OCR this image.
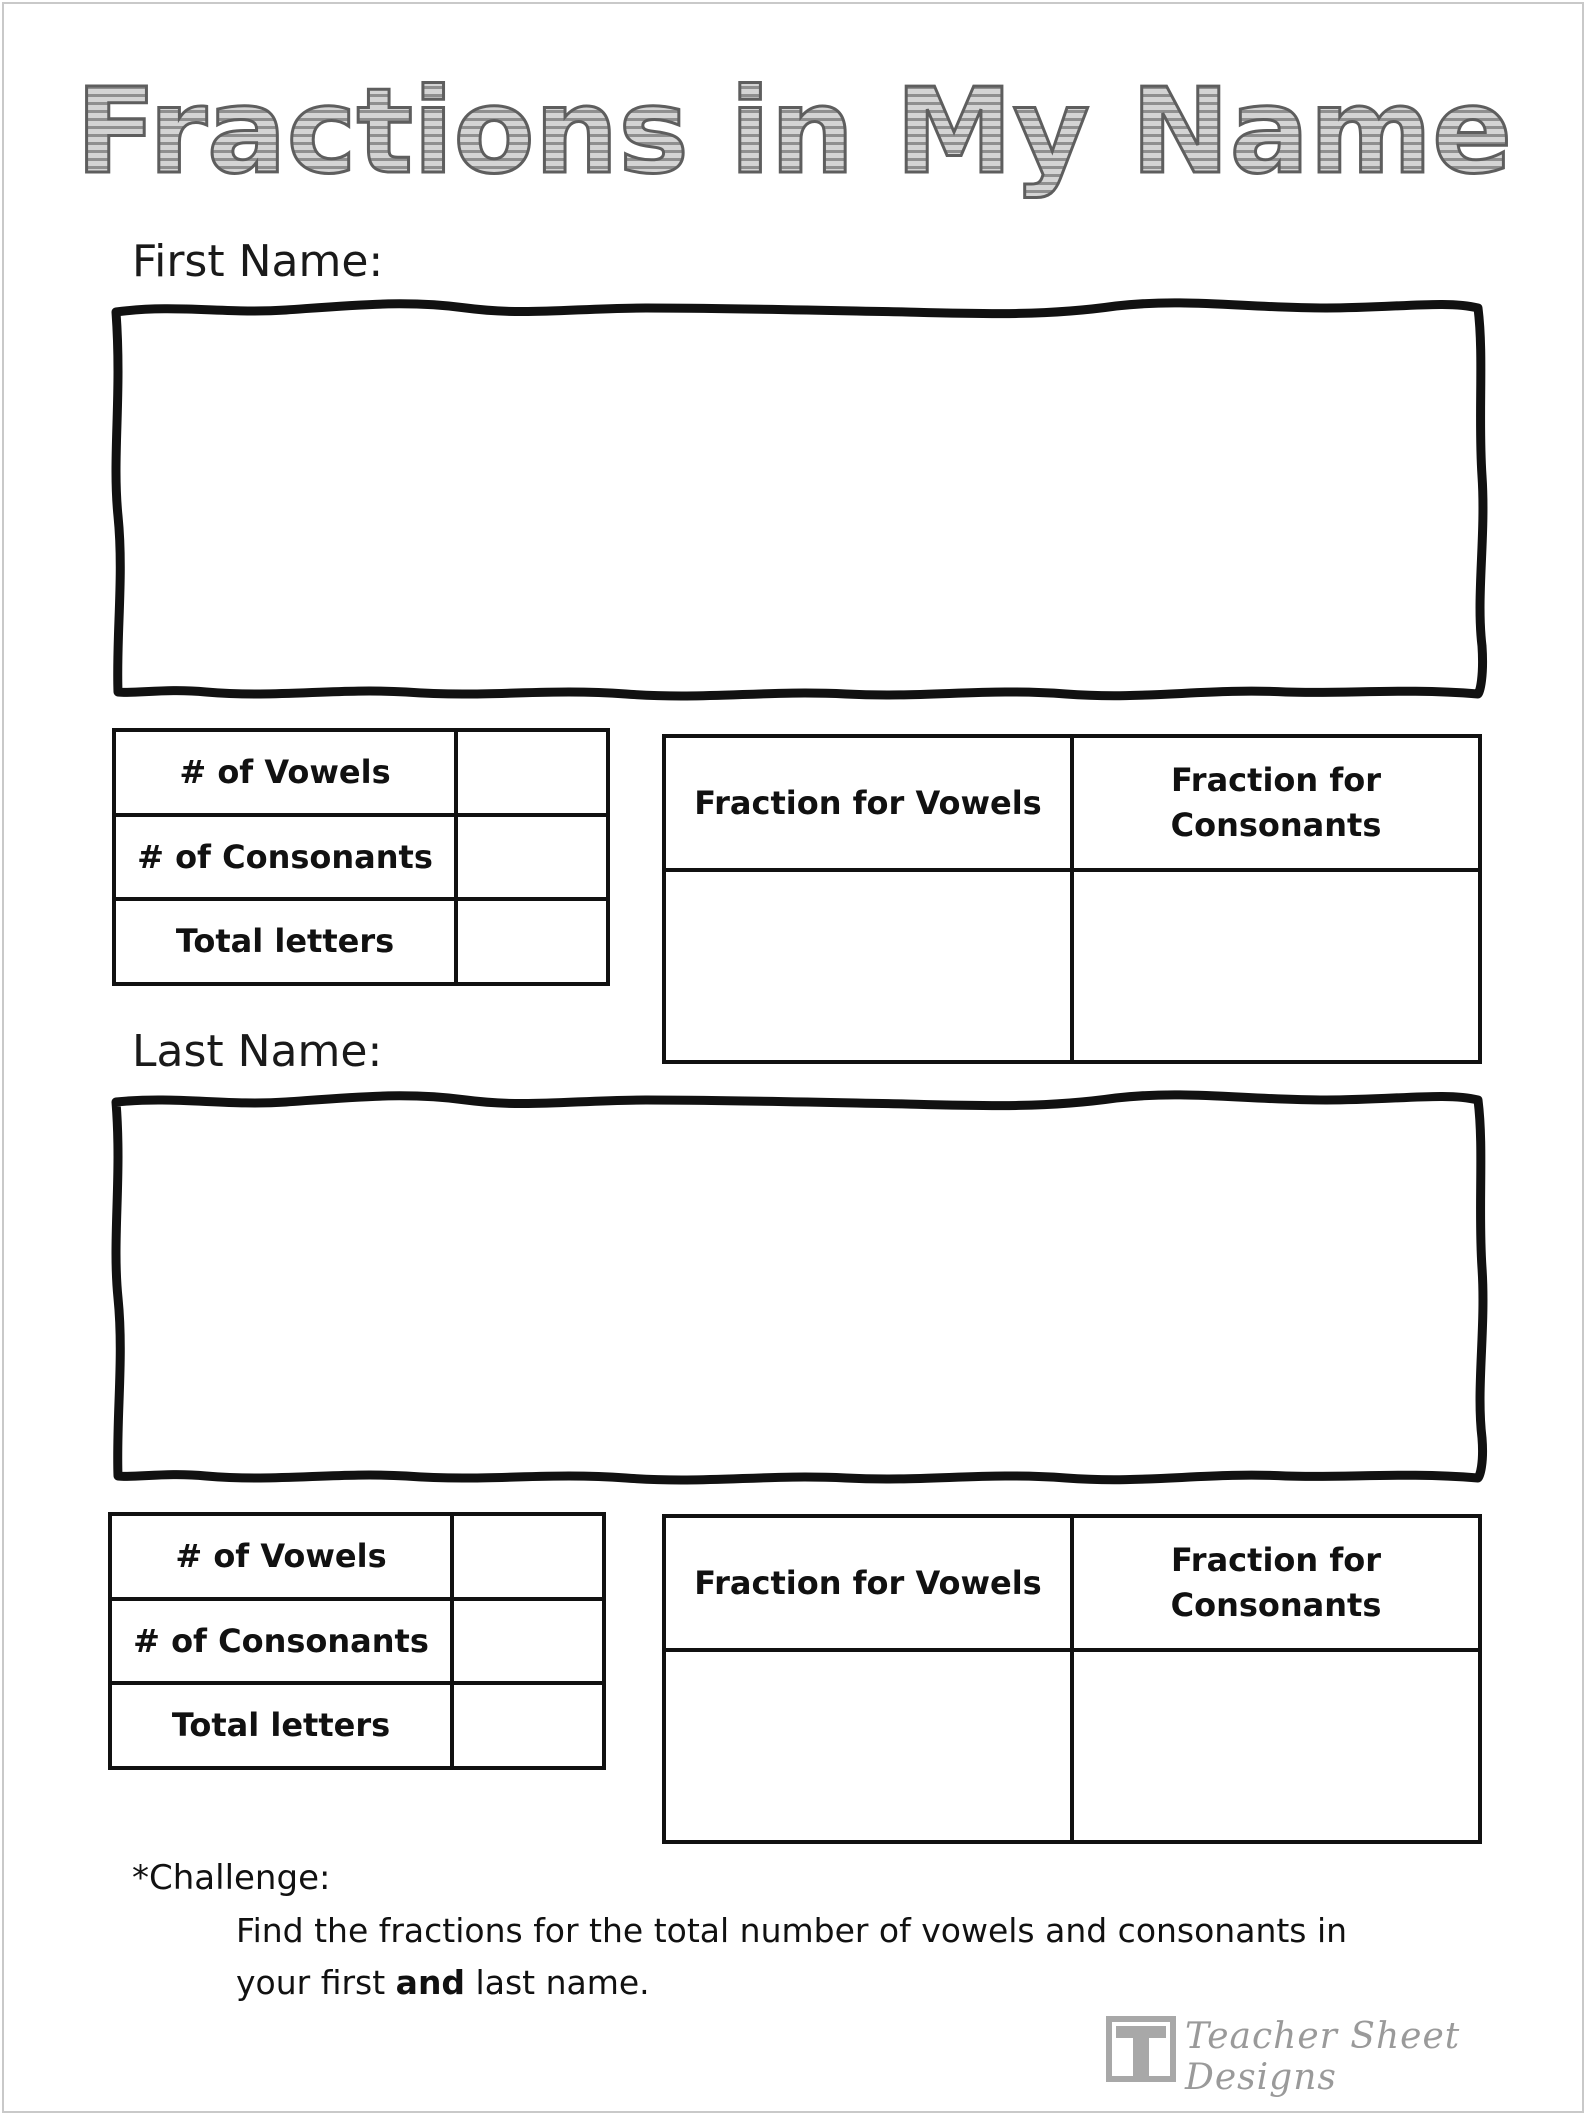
Fractions in My Name
First Name:
# of Vowels	
# of Consonants	
Total letters	
Fraction for Vowels	Fraction for Consonants

Last Name:
# of Vowels	
# of Consonants	
Total letters	
Fraction for Vowels	Fraction for Consonants

*Challenge:
Find the fractions for the total number of vowels and consonants in your first and last name.
T
Teacher Sheet Designs
